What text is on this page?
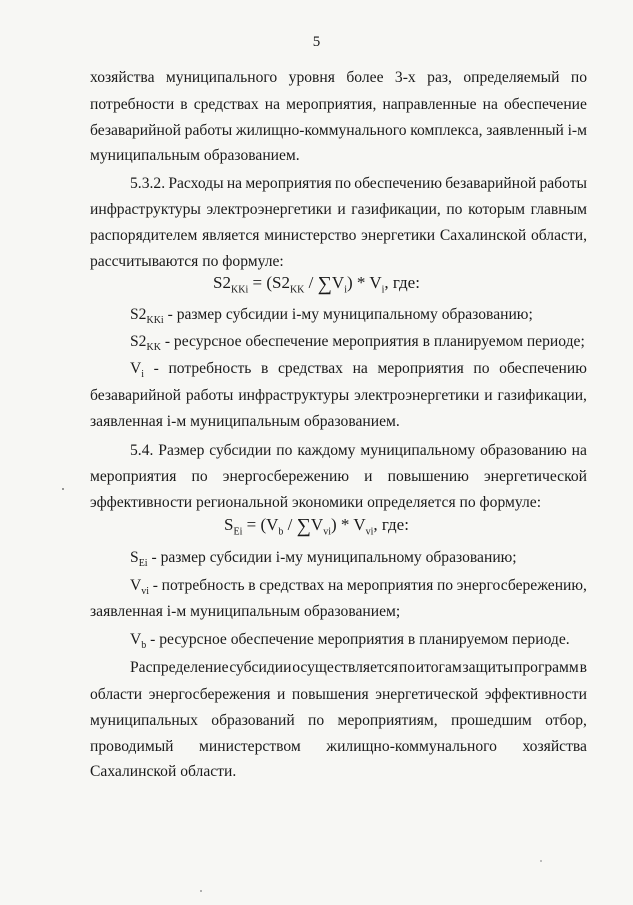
5
хозяйства муниципального уровня более 3-х раз, определяемый по
потребности в средствах на мероприятия, направленные на обеспечение
безаварийной работы жилищно-коммунального комплекса, заявленный i-м
муниципальным образованием.
5.3.2. Расходы на мероприятия по обеспечению безаварийной работы
инфраструктуры электроэнергетики и газификации, по которым главным
распорядителем является министерство энергетики Сахалинской области,
рассчитываются по формуле:
$S2_{KKi} = (S2_{KK} / \sum V_i) * V_i$, где:
$S2_{KKi}$ - размер субсидии i-му муниципальному образованию;
$S2_{KK}$ - ресурсное обеспечение мероприятия в планируемом периоде;
$V_i$ - потребность в средствах на мероприятия по обеспечению
безаварийной работы инфраструктуры электроэнергетики и газификации,
заявленная i-м муниципальным образованием.
5.4. Размер субсидии по каждому муниципальному образованию на
мероприятия по энергосбережению и повышению энергетической
эффективности региональной экономики определяется по формуле:
$S_{Ei} = (V_b / \sum V_{vi}) * V_{vi}$, где:
$S_{Ei}$ - размер субсидии i-му муниципальному образованию;
$V_{vi}$ - потребность в средствах на мероприятия по энергосбережению,
заявленная i-м муниципальным образованием;
$V_b$ - ресурсное обеспечение мероприятия в планируемом периоде.
Распределение субсидии осуществляется по итогам защиты программ в
области энергосбережения и повышения энергетической эффективности
муниципальных образований по мероприятиям, прошедшим отбор,
проводимый министерством жилищно-коммунального хозяйства
Сахалинской области.
